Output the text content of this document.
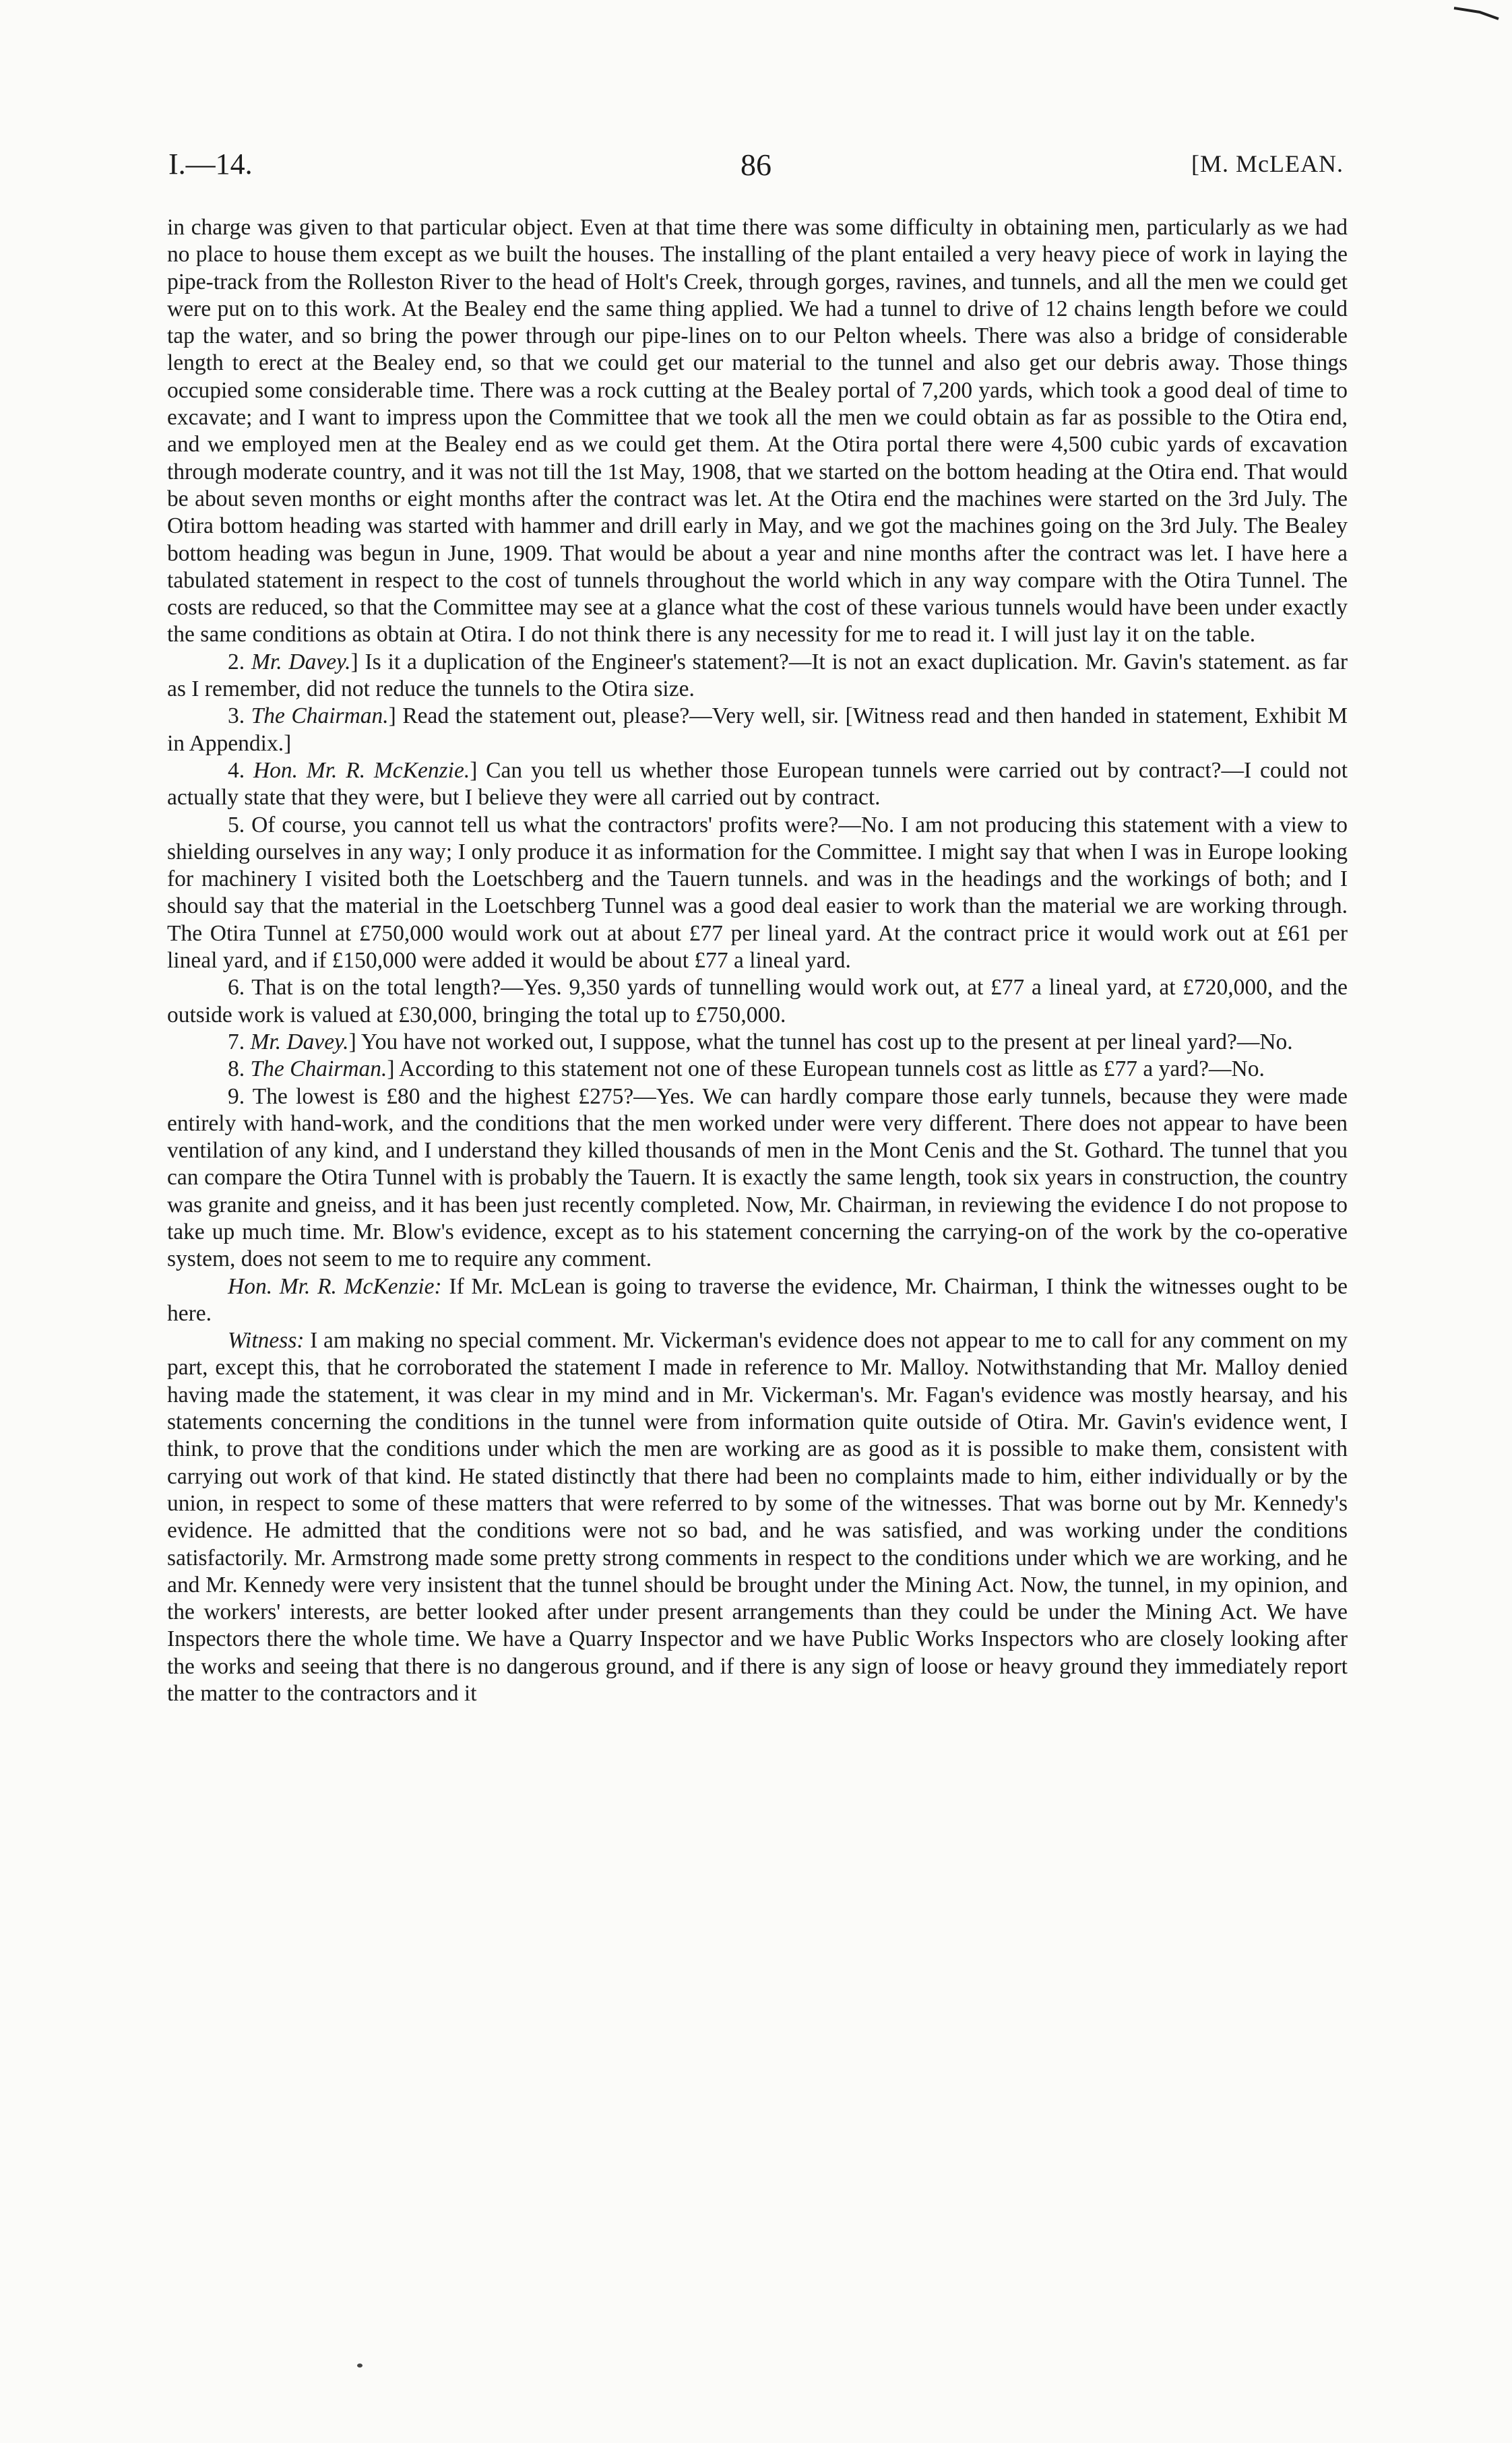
I.—14.	86	[M. McLEAN.

in charge was given to that particular object. Even at that time there was some difficulty in obtaining men, particularly as we had no place to house them except as we built the houses. The installing of the plant entailed a very heavy piece of work in laying the pipe-track from the Rolleston River to the head of Holt's Creek, through gorges, ravines, and tunnels, and all the men we could get were put on to this work. At the Bealey end the same thing applied. We had a tunnel to drive of 12 chains length before we could tap the water, and so bring the power through our pipe-lines on to our Pelton wheels. There was also a bridge of considerable length to erect at the Bealey end, so that we could get our material to the tunnel and also get our debris away. Those things occupied some considerable time. There was a rock cutting at the Bealey portal of 7,200 yards, which took a good deal of time to excavate; and I want to impress upon the Committee that we took all the men we could obtain as far as possible to the Otira end, and we employed men at the Bealey end as we could get them. At the Otira portal there were 4,500 cubic yards of excavation through moderate country, and it was not till the 1st May, 1908, that we started on the bottom heading at the Otira end. That would be about seven months or eight months after the contract was let. At the Otira end the machines were started on the 3rd July. The Otira bottom heading was started with hammer and drill early in May, and we got the machines going on the 3rd July. The Bealey bottom heading was begun in June, 1909. That would be about a year and nine months after the contract was let. I have here a tabulated statement in respect to the cost of tunnels throughout the world which in any way compare with the Otira Tunnel. The costs are reduced, so that the Committee may see at a glance what the cost of these various tunnels would have been under exactly the same conditions as obtain at Otira. I do not think there is any necessity for me to read it. I will just lay it on the table.

2. Mr. Davey.] Is it a duplication of the Engineer's statement?—It is not an exact duplication. Mr. Gavin's statement. as far as I remember, did not reduce the tunnels to the Otira size.

3. The Chairman.] Read the statement out, please?—Very well, sir. [Witness read and then handed in statement, Exhibit M in Appendix.]

4. Hon. Mr. R. McKenzie.] Can you tell us whether those European tunnels were carried out by contract?—I could not actually state that they were, but I believe they were all carried out by contract.

5. Of course, you cannot tell us what the contractors' profits were?—No. I am not producing this statement with a view to shielding ourselves in any way; I only produce it as information for the Committee. I might say that when I was in Europe looking for machinery I visited both the Loetschberg and the Tauern tunnels. and was in the headings and the workings of both; and I should say that the material in the Loetschberg Tunnel was a good deal easier to work than the material we are working through. The Otira Tunnel at £750,000 would work out at about £77 per lineal yard. At the contract price it would work out at £61 per lineal yard, and if £150,000 were added it would be about £77 a lineal yard.

6. That is on the total length?—Yes. 9,350 yards of tunnelling would work out, at £77 a lineal yard, at £720,000, and the outside work is valued at £30,000, bringing the total up to £750,000.

7. Mr. Davey.] You have not worked out, I suppose, what the tunnel has cost up to the present at per lineal yard?—No.

8. The Chairman.] According to this statement not one of these European tunnels cost as little as £77 a yard?—No.

9. The lowest is £80 and the highest £275?—Yes. We can hardly compare those early tunnels, because they were made entirely with hand-work, and the conditions that the men worked under were very different. There does not appear to have been ventilation of any kind, and I understand they killed thousands of men in the Mont Cenis and the St. Gothard. The tunnel that you can compare the Otira Tunnel with is probably the Tauern. It is exactly the same length, took six years in construction, the country was granite and gneiss, and it has been just recently completed. Now, Mr. Chairman, in reviewing the evidence I do not propose to take up much time. Mr. Blow's evidence, except as to his statement concerning the carrying-on of the work by the co-operative system, does not seem to me to require any comment.

Hon. Mr. R. McKenzie: If Mr. McLean is going to traverse the evidence, Mr. Chairman, I think the witnesses ought to be here.

Witness: I am making no special comment. Mr. Vickerman's evidence does not appear to me to call for any comment on my part, except this, that he corroborated the statement I made in reference to Mr. Malloy. Notwithstanding that Mr. Malloy denied having made the statement, it was clear in my mind and in Mr. Vickerman's. Mr. Fagan's evidence was mostly hearsay, and his statements concerning the conditions in the tunnel were from information quite outside of Otira. Mr. Gavin's evidence went, I think, to prove that the conditions under which the men are working are as good as it is possible to make them, consistent with carrying out work of that kind. He stated distinctly that there had been no complaints made to him, either individually or by the union, in respect to some of these matters that were referred to by some of the witnesses. That was borne out by Mr. Kennedy's evidence. He admitted that the conditions were not so bad, and he was satisfied, and was working under the conditions satisfactorily. Mr. Armstrong made some pretty strong comments in respect to the conditions under which we are working, and he and Mr. Kennedy were very insistent that the tunnel should be brought under the Mining Act. Now, the tunnel, in my opinion, and the workers' interests, are better looked after under present arrangements than they could be under the Mining Act. We have Inspectors there the whole time. We have a Quarry Inspector and we have Public Works Inspectors who are closely looking after the works and seeing that there is no dangerous ground, and if there is any sign of loose or heavy ground they immediately report the matter to the contractors and it
